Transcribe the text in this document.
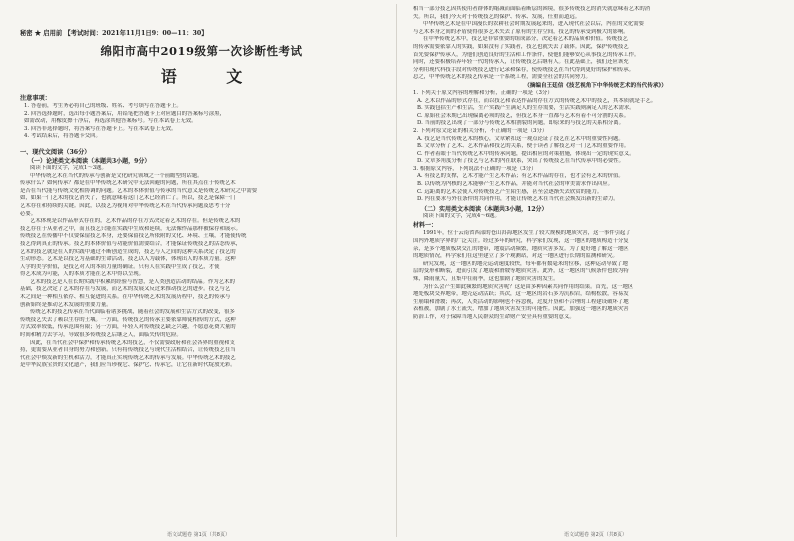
秘密 ★ 启用前 【考试时间：2021年11月1日9：00—11：30】
绵阳市高中2019级第一次诊断性考试
语 文
注意事项：
1. 答卷前，考生务必将自己的班级、姓名、考号填写在答题卡上。
2. 回答选择题时，选出每小题答案后，用铅笔把答题卡上对应题目的答案标号涂黑，
如需改动，用橡皮擦干净后，再选涂其他答案标号。写在本试卷上无效。
3. 回答非选择题时，将答案写在答题卡上。写在本试卷上无效。
4. 考试结束后，将答题卡交回。
一、现代文阅读（36分）
（一）论述类文本阅读（本题共3小题，9分）
阅读下面的文字，完成1～3题。
中华传统艺术在当代的传承与创新是文化研究领域之一个前瞻型的话题。
传承什么？如何传承？都是在中华传统艺术研究中无法回避的问题，所在其点在于传统艺术
是否在当代能与传统文化相协调的问题。艺术的本体价值与传承的当代意义是传统艺术研究之中需要
如，如果一门艺术的技艺消失了，也就意味着这门艺术已经消亡了。所以，技艺是保障一门
艺术存在和持续的关键。因此，以技艺为视角对中华传统艺术在当代传承问题及思考十分
必要。
艺术体现是以作品形式存在的，艺术作品的存在方式决定着艺术的存在。但是传统艺术的
技艺存在于从业者之中，而且技艺只能在实践中生成和延续，无法像作品那样被保存和展示。
传统技艺在传播中不仅要保留技艺本身，还要保留技艺所依附的文化、环境、土壤，才能使传统
技艺得到真正的传承。技艺的本体价值与功能价值需要结合，才能保证传统技艺的活态传承，
艺术的技艺就是在人的实践中通过不断创造生成的，技艺与人之间的这种关系决定了技艺的
生动形态。艺术是以技艺为基础的生命活动，技艺以人为载体，体现出人的本质力量。这种
人学的美学价值，是技艺对人的本质力量的确证。只有人在实践中生成了技艺，才使
得艺术成为可能，人的本质才能在艺术中得以呈现。
艺术的技艺是人在长期实践中积累的经验与智慧，是人类创造活动的结晶。作为艺术的
基础，技艺决定了艺术的存在与发展，而艺术的发展又反过来推动技艺的进步。技艺与艺
术之间是一种相互依存、相互促进的关系。在中华传统艺术的发展历程中，技艺的传承与
创新始终是推动艺术发展的重要力量。
传统艺术的技艺传承在当代面临着诸多挑战，随着社会的发展和生活方式的改变，很多
传统技艺失去了赖以生存的土壤。一方面，传统技艺的传承主要依靠师徒相传的方式，这种
方式效率较低，传承范围有限；另一方面，年轻人对传统技艺缺乏兴趣，不愿意花费大量的
时间和精力去学习，导致很多传统技艺后继乏人，面临失传的危险。
因此，在当代社会中保护和传承传统艺术的技艺，不仅需要政府和社会各界的重视和支
持，更需要从业者自身的努力和创新。只有将传统技艺与现代生活相结合，让传统技艺在当
代社会中焕发新的生机和活力，才能真正实现传统艺术的传承与发展。中华传统艺术的技艺
是中华民族宝贵的文化遗产，我们应当珍视它、保护它、传承它，让它在新时代绽放光彩。
语文试题卷 第1页（共8页）
相当一部分技艺因其使用者群体的缩减而面临着断层的困境，很多传统技艺的消失就意味着艺术的消
失。所以，我们今天对于传统技艺的保护、传承、发展，任重而道远。
中华传统艺术是在中国漫长的农耕社会时期发展起来的，进入现代社会以后，内在的文化需要
与艺术本身之间的矛盾使得很多艺术失去了原有的生存空间，技艺的传承受到极大的影响。
在中华传统艺术中，技艺是非常重要的组成部分，决定着艺术的品质和价值。传统技艺
的传承需要依靠人的实践，如果没有了实践者，技艺也就失去了载体。因此，保护传统技艺
首先要保护传承人，为他们创造良好的生活和工作条件，使他们能够安心从事技艺的传承工作。
同时，还要积极培养年轻一代的传承人，让传统技艺后继有人。在此基础上，我们还应该充
分利用现代科技手段对传统技艺进行记录和保存，使传统技艺在当代得到更好的保护和传承。
总之，中华传统艺术的技艺传承是一个系统工程，需要全社会的共同努力。
（摘编自王廷信《技艺视角下中华传统艺术的当代传承》）
1. 下列关于原文内容的理解和分析，正确的一项是（3分）
A. 艺术以作品的形式存在，而以技艺和表达作品的存在方式的传统艺术中的技艺，其本质就是手艺。
B. 实践包括生产和生活，生产实践产生满足人的生存需要，生活实践则满足人的艺术需求。
C. 原始社会末期已出现偏离必须的技艺，但技艺本身一直都与艺术有着不可分割的关系。
D. 当前的技艺出现了一部分与传统艺术相割裂的问题，即原来的与技艺的关系相分离。
2. 下列对原文论证的相关分析，不正确的一项是（3分）
A. 技艺是当代传统艺术的核心，文章紧扣这一观点论证了技艺在艺术中的重要性问题。
B. 文章分析了艺术、艺术作品和技艺的关系，便于读者了解技艺对一门艺术的重要作用。
C. 作者着眼于当代传统艺术中的传承问题，提出相应的对策措施，体现出一定的现实意义。
D. 文章多角度分析了技艺与艺术的内在联系，突出了传统技艺在当代传承中的必要性。
3. 根据原文内容，下列说法不正确的一项是（3分）
A. 有技艺的支撑，艺术才能产生艺术作品；有艺术作品的存在，也才会有艺术的价值。
B. 以传统为内核的艺术能够产生艺术作品，并能对当代社会的审美需求作出回应。
C. 远距离的艺术会使人对传统技艺产生陌生感，甚至会逐渐失去欣赏的能力。
D. 内在要求与外在条件的共同作用，才能让传统艺术在当代社会焕发出新的生命力。
（二）实用类文本阅读（本题共3小题，12分）
阅读下面的文字，完成4～6题。
材料一：
1991年，位于云南省西部的苍山洱海地区发生了较大规模的地质灾害，这一事件引起了
国内外地质学界的广泛关注。经过多年的研究，科学家们发现，这一地区的地质构造十分复
杂，是多个地质板块交汇的地带，地震活动频繁，地质灾害多发。为了更好地了解这一地区
的地质情况，科学家们在这里建立了多个观测站，对这一地区进行长期的监测和研究。
研究发现，这一地区的地壳运动速度较快，每年都有数毫米的位移，这种运动导致了地
层的变形和断裂，进而引发了地震和滑坡等地质灾害。此外，这一地区的气候条件也较为特
殊，降雨量大，且集中在雨季，这也加剧了地质灾害的发生。
为什么会产生如此频繁的地质灾害呢？这是由多种因素共同作用的结果。首先，这一地区
地处板块交界地带，地壳运动活跃；其次，这一地区的岩石多为沉积岩，结构松散，容易发
生崩塌和滑坡；再次，人类活动的影响也不容忽视，过度开垦和不合理的工程建设破坏了地
表植被，加剧了水土流失，增加了地质灾害发生的可能性。因此，加强这一地区的地质灾害
防治工作，对于保障当地人民群众的生命财产安全具有重要的意义。
语文试题卷 第2页（共8页）
